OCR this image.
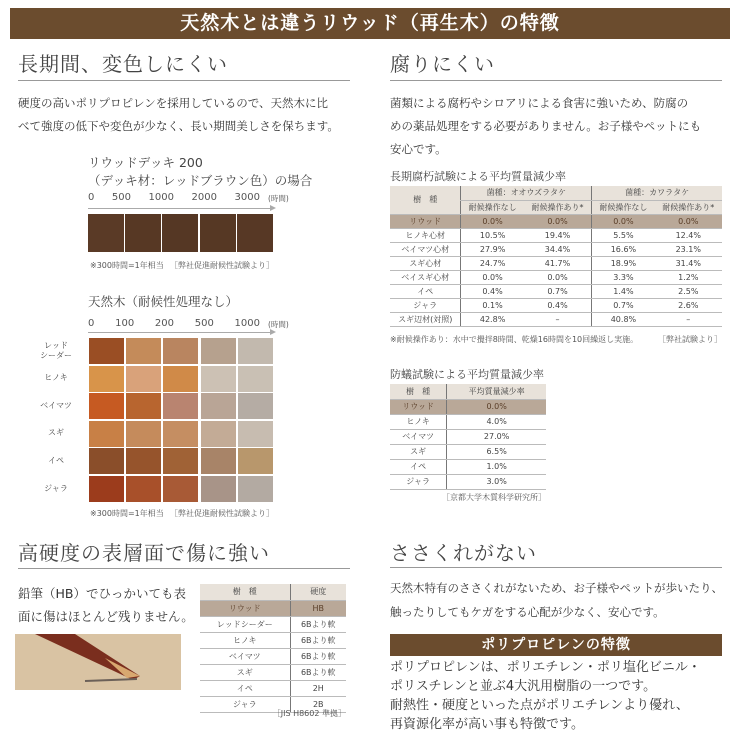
天然木とは違うリウッド（再生木）の特徴
長期間、変色しにくい
硬度の高いポリプロピレンを採用しているので、天然木に比
べて強度の低下や変色が少なく、長い期間美しさを保ちます。
リウッドデッキ 200
（デッキ材：レッドブラウン色）の場合
0 500 1000 2000 3000 (時間)
※300時間=1年相当 ［弊社促進耐候性試験より］
天然木（耐候性処理なし）
0 100 200 500 1000 (時間)
レッド
シーダー
ヒノキ
ベイマツ
スギ
イペ
ジャラ
※300時間=1年相当 ［弊社促進耐候性試験より］
腐りにくい
菌類による腐朽やシロアリによる食害に強いため、防腐の
めの薬品処理をする必要がありません。お子様やペットにも
安心です。
長期腐朽試験による平均質量減少率
樹　種	菌種：オオウズラタケ		菌種：カワラタケ	
	耐候操作なし	耐候操作あり*	耐候操作なし	耐候操作あり*
リウッド	0.0%	0.0%	0.0%	0.0%
ヒノキ心材	10.5%	19.4%	5.5%	12.4%
ベイマツ心材	27.9%	34.4%	16.6%	23.1%
スギ心材	24.7%	41.7%	18.9%	31.4%
ベイスギ心材	0.0%	0.0%	3.3%	1.2%
イペ	0.4%	0.7%	1.4%	2.5%
ジャラ	0.1%	0.4%	0.7%	2.6%
スギ辺材(対照)	42.8%	–	40.8%	–
※耐候操作あり：水中で攪拌8時間、乾燥16時間を10回繰返し実施。 ［弊社試験より］
防蟻試験による平均質量減少率
樹　種	平均質量減少率
リウッド	0.0%
ヒノキ	4.0%
ベイマツ	27.0%
スギ	6.5%
イペ	1.0%
ジャラ	3.0%
［京都大学木質科学研究所］
高硬度の表層面で傷に強い
鉛筆（HB）でひっかいても表
面に傷はほとんど残りません。
樹　種	硬度
リウッド	HB
レッドシーダー	6Bより軟
ヒノキ	6Bより軟
ベイマツ	6Bより軟
スギ	6Bより軟
イペ	2H
ジャラ	2B
［JIS H8602 準拠］
ささくれがない
天然木特有のささくれがないため、お子様やペットが歩いたり、
触ったりしてもケガをする心配が少なく、安心です。
ポリプロピレンの特徴
ポリプロピレンは、ポリエチレン・ポリ塩化ビニル・
ポリスチレンと並ぶ4大汎用樹脂の一つです。
耐熱性・硬度といった点がポリエチレンより優れ、
再資源化率が高い事も特徴です。
